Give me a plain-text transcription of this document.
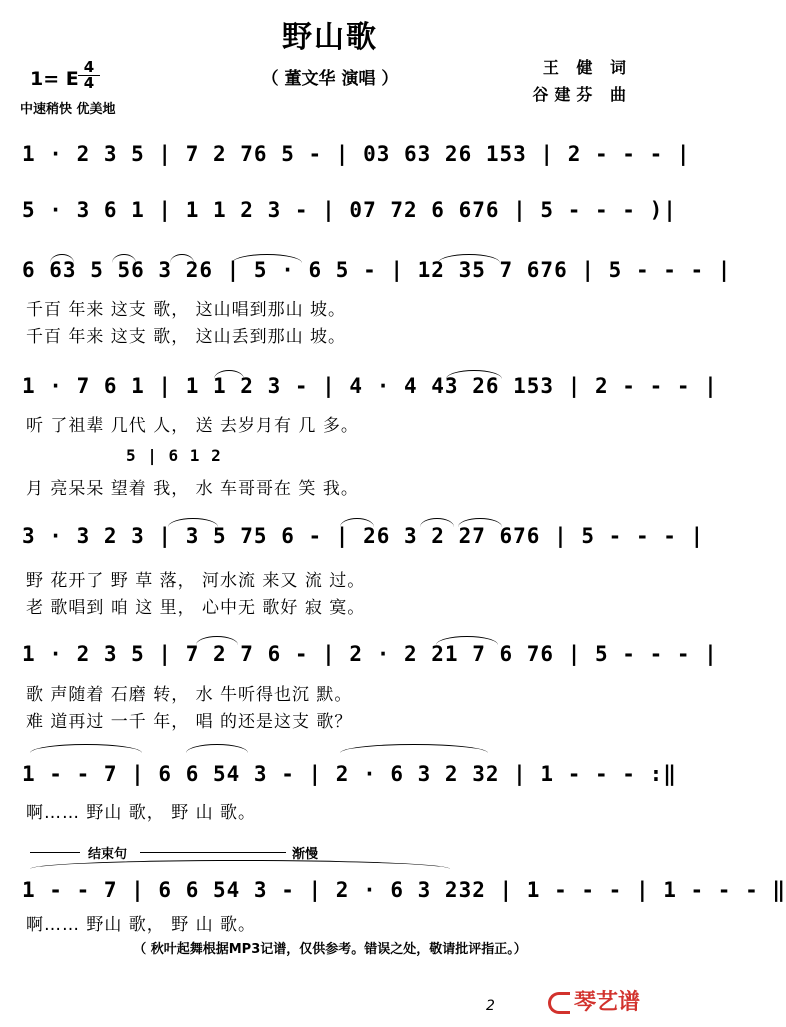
野山歌
（ 董文华 演唱 ）
1= E $\frac{4}{4}$
中速稍快 优美地
王 健 词
谷建芬 曲
1 · 2 3 5 | 7 2 76 5 - | 03 63 26 153 | 2 - - - |
5 · 3 6 1 | 1 1 2 3 - | 07 72 6 676 | 5 - - - )|
6 63 5 56 3 26 | 5 · 6 5 - | 12 35 7 676 | 5 - - - |
千百 年来 这支 歌， 这山唱到那山 坡。
千百 年来 这支 歌， 这山丢到那山 坡。
1 · 7 6 1 | 1 1 2 3 - | 4 · 4 43 26 153 | 2 - - - |
听 了祖辈 几代 人， 送 去岁月有 几 多。
5 | 6 1 2
月 亮呆呆 望着 我， 水 车哥哥在 笑 我。
3 · 3 2 3 | 3 5 75 6 - | 26 3 2 27 676 | 5 - - - |
野 花开了 野 草 落， 河水流 来又 流 过。
老 歌唱到 咱 这 里， 心中无 歌好 寂 寞。
1 · 2 3 5 | 7 2 7 6 - | 2 · 2 21 7 6 76 | 5 - - - |
歌 声随着 石磨 转， 水 牛听得也沉 默。
难 道再过 一千 年， 唱 的还是这支 歌？
1 - - 7 | 6 6 54 3 - | 2 · 6 3 2 32 | 1 - - - :‖
啊…… 野山 歌， 野 山 歌。
结束句	渐慢
1 - - 7 | 6 6 54 3 - | 2 · 6 3 232 | 1 - - - | 1 - - - ‖
啊…… 野山 歌， 野 山 歌。
（ 秋叶起舞根据MP3记谱，仅供参考。错误之处，敬请批评指正。）
2	琴艺谱
